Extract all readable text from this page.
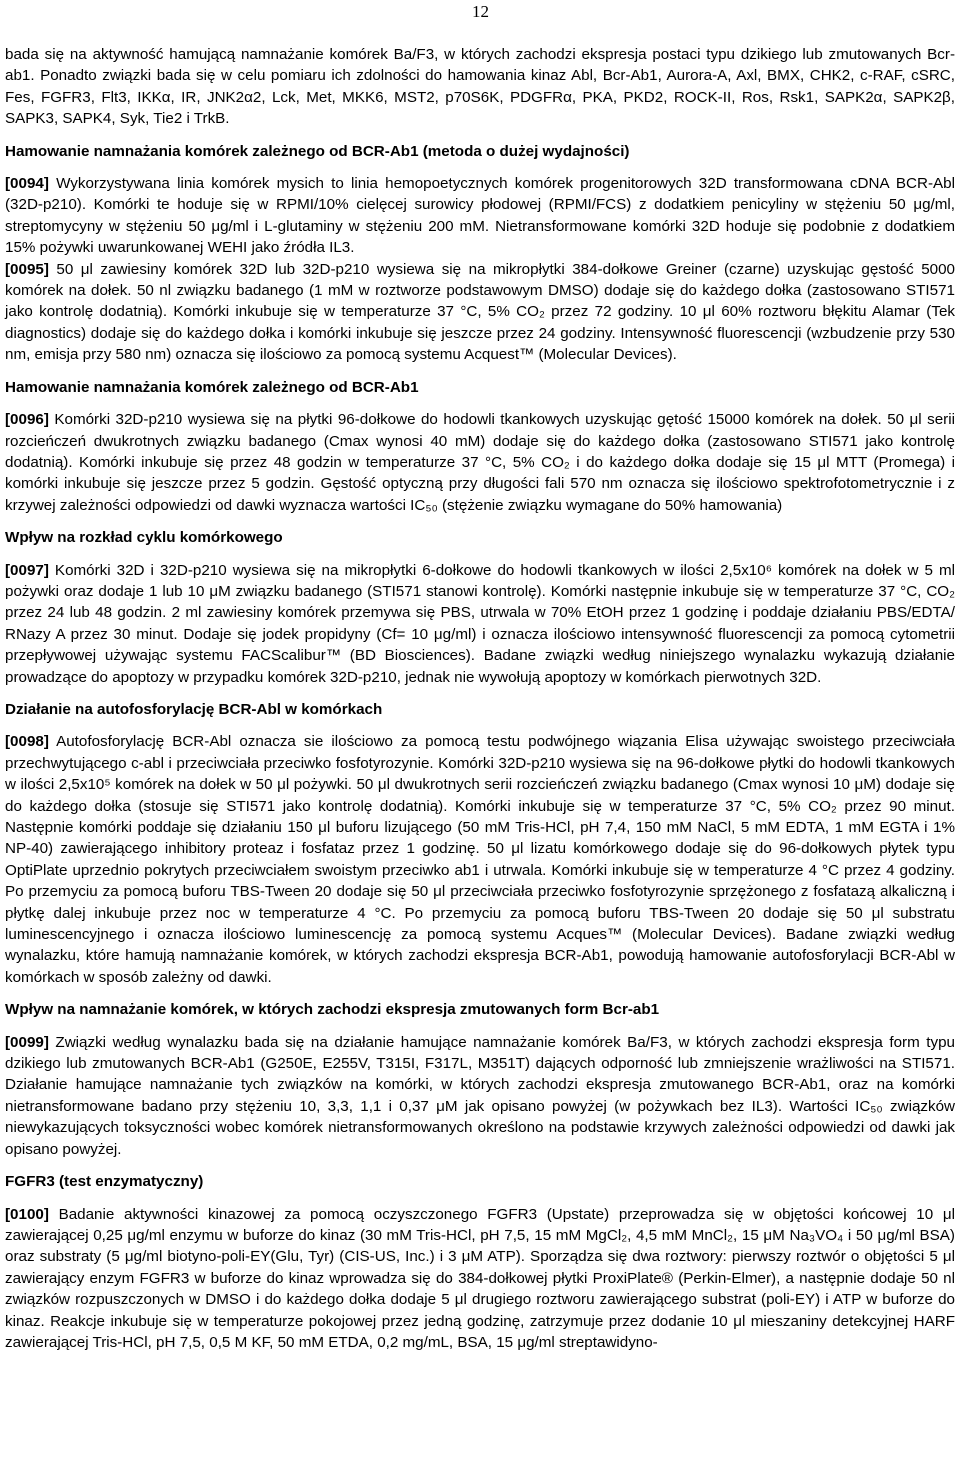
12

bada się na aktywność hamującą namnażanie komórek Ba/F3, w których zachodzi ekspresja postaci typu dzikiego lub zmutowanych Bcr-ab1. Ponadto związki bada się w celu pomiaru ich zdolności do hamowania kinaz Abl, Bcr-Ab1, Aurora-A, Axl, BMX, CHK2, c-RAF, cSRC, Fes, FGFR3, Flt3, IKKα, IR, JNK2α2, Lck, Met, MKK6, MST2, p70S6K, PDGFRα, PKA, PKD2, ROCK-II, Ros, Rsk1, SAPK2α, SAPK2β, SAPK3, SAPK4, Syk, Tie2 i TrkB.

Hamowanie namnażania komórek zależnego od BCR-Ab1 (metoda o dużej wydajności)

[0094] Wykorzystywana linia komórek mysich to linia hemopoetycznych komórek progenitorowych 32D transformowana cDNA BCR-Abl (32D-p210). Komórki te hoduje się w RPMI/10% cielęcej surowicy płodowej (RPMI/FCS) z dodatkiem penicyliny w stężeniu 50 μg/ml, streptomycyny w stężeniu 50 μg/ml i L-glutaminy w stężeniu 200 mM. Nietransformowane komórki 32D hoduje się podobnie z dodatkiem 15% pożywki uwarunkowanej WEHI jako źródła IL3.

[0095] 50 μl zawiesiny komórek 32D lub 32D-p210 wysiewa się na mikropłytki 384-dołkowe Greiner (czarne) uzyskując gęstość 5000 komórek na dołek. 50 nl związku badanego (1 mM w roztworze podstawowym DMSO) dodaje się do każdego dołka (zastosowano STI571 jako kontrolę dodatnią). Komórki inkubuje się w temperaturze 37 °C, 5% CO₂ przez 72 godziny. 10 μl 60% roztworu błękitu Alamar (Tek diagnostics) dodaje się do każdego dołka i komórki inkubuje się jeszcze przez 24 godziny. Intensywność fluorescencji (wzbudzenie przy 530 nm, emisja przy 580 nm) oznacza się ilościowo za pomocą systemu Acquest™ (Molecular Devices).

Hamowanie namnażania komórek zależnego od BCR-Ab1

[0096] Komórki 32D-p210 wysiewa się na płytki 96-dołkowe do hodowli tkankowych uzyskując gętość 15000 komórek na dołek. 50 μl serii rozcieńczeń dwukrotnych związku badanego (Cmax wynosi 40 mM) dodaje się do każdego dołka (zastosowano STI571 jako kontrolę dodatnią). Komórki inkubuje się przez 48 godzin w temperaturze 37 °C, 5% CO₂ i do każdego dołka dodaje się 15 μl MTT (Promega) i komórki inkubuje się jeszcze przez 5 godzin. Gęstość optyczną przy długości fali 570 nm oznacza się ilościowo spektrofotometrycznie i z krzywej zależności odpowiedzi od dawki wyznacza wartości IC₅₀ (stężenie związku wymagane do 50% hamowania)

Wpływ na rozkład cyklu komórkowego

[0097] Komórki 32D i 32D-p210 wysiewa się na mikropłytki 6-dołkowe do hodowli tkankowych w ilości 2,5x10⁶ komórek na dołek w 5 ml pożywki oraz dodaje 1 lub 10 μM związku badanego (STI571 stanowi kontrolę). Komórki następnie inkubuje się w temperaturze 37 °C, CO₂ przez 24 lub 48 godzin. 2 ml zawiesiny komórek przemywa się PBS, utrwala w 70% EtOH przez 1 godzinę i poddaje działaniu PBS/EDTA/ RNazy A przez 30 minut. Dodaje się jodek propidyny (Cf= 10 μg/ml) i oznacza ilościowo intensywność fluorescencji za pomocą cytometrii przepływowej używając systemu FACScalibur™ (BD Biosciences). Badane związki według niniejszego wynalazku wykazują działanie prowadzące do apoptozy w przypadku komórek 32D-p210, jednak nie wywołują apoptozy w komórkach pierwotnych 32D.

Działanie na autofosforylację BCR-Abl w komórkach

[0098] Autofosforylację BCR-Abl oznacza sie ilościowo za pomocą testu podwójnego wiązania Elisa używając swoistego przeciwciała przechwytującego c-abl i przeciwciała przeciwko fosfotyrozynie. Komórki 32D-p210 wysiewa się na 96-dołkowe płytki do hodowli tkankowych w ilości 2,5x10⁵ komórek na dołek w 50 μl pożywki. 50 μl dwukrotnych serii rozcieńczeń związku badanego (Cmax wynosi 10 μM) dodaje się do każdego dołka (stosuje się STI571 jako kontrolę dodatnią). Komórki inkubuje się w temperaturze 37 °C, 5% CO₂ przez 90 minut. Następnie komórki poddaje się działaniu 150 μl buforu lizującego (50 mM Tris-HCl, pH 7,4, 150 mM NaCl, 5 mM EDTA, 1 mM EGTA i 1% NP-40) zawierającego inhibitory proteaz i fosfataz przez 1 godzinę. 50 μl lizatu komórkowego dodaje się do 96-dołkowych płytek typu OptiPlate uprzednio pokrytych przeciwciałem swoistym przeciwko ab1 i utrwala. Komórki inkubuje się w temperaturze 4 °C przez 4 godziny. Po przemyciu za pomocą buforu TBS-Tween 20 dodaje się 50 μl przeciwciała przeciwko fosfotyrozynie sprzężonego z fosfatazą alkaliczną i płytkę dalej inkubuje przez noc w temperaturze 4 °C. Po przemyciu za pomocą buforu TBS-Tween 20 dodaje się 50 μl substratu luminescencyjnego i oznacza ilościowo luminescencję za pomocą systemu Acques™ (Molecular Devices). Badane związki według wynalazku, które hamują namnażanie komórek, w których zachodzi ekspresja BCR-Ab1, powodują hamowanie autofosforylacji BCR-Abl w komórkach w sposób zależny od dawki.

Wpływ na namnażanie komórek, w których zachodzi ekspresja zmutowanych form Bcr-ab1

[0099] Związki według wynalazku bada się na działanie hamujące namnażanie komórek Ba/F3, w których zachodzi ekspresja form typu dzikiego lub zmutowanych BCR-Ab1 (G250E, E255V, T315I, F317L, M351T) dających odporność lub zmniejszenie wrażliwości na STI571. Działanie hamujące namnażanie tych związków na komórki, w których zachodzi ekspresja zmutowanego BCR-Ab1, oraz na komórki nietransformowane badano przy stężeniu 10, 3,3, 1,1 i 0,37 μM jak opisano powyżej (w pożywkach bez IL3). Wartości IC₅₀ związków niewykazujących toksyczności wobec komórek nietransformowanych określono na podstawie krzywych zależności odpowiedzi od dawki jak opisano powyżej.

FGFR3 (test enzymatyczny)

[0100] Badanie aktywności kinazowej za pomocą oczyszczonego FGFR3 (Upstate) przeprowadza się w objętości końcowej 10 μl zawierającej 0,25 μg/ml enzymu w buforze do kinaz (30 mM Tris-HCl, pH 7,5, 15 mM MgCl₂, 4,5 mM MnCl₂, 15 μM Na₃VO₄ i 50 μg/ml BSA) oraz substraty (5 μg/ml biotyno-poli-EY(Glu, Tyr) (CIS-US, Inc.) i 3 μM ATP). Sporządza się dwa roztwory: pierwszy roztwór o objętości 5 μl zawierający enzym FGFR3 w buforze do kinaz wprowadza się do 384-dołkowej płytki ProxiPlate® (Perkin-Elmer), a następnie dodaje 50 nl związków rozpuszczonych w DMSO i do każdego dołka dodaje 5 μl drugiego roztworu zawierającego substrat (poli-EY) i ATP w buforze do kinaz. Reakcje inkubuje się w temperaturze pokojowej przez jedną godzinę, zatrzymuje przez dodanie 10 μl mieszaniny detekcyjnej HARF zawierającej Tris-HCl, pH 7,5, 0,5 M KF, 50 mM ETDA, 0,2 mg/mL, BSA, 15 μg/ml streptawidyno-
